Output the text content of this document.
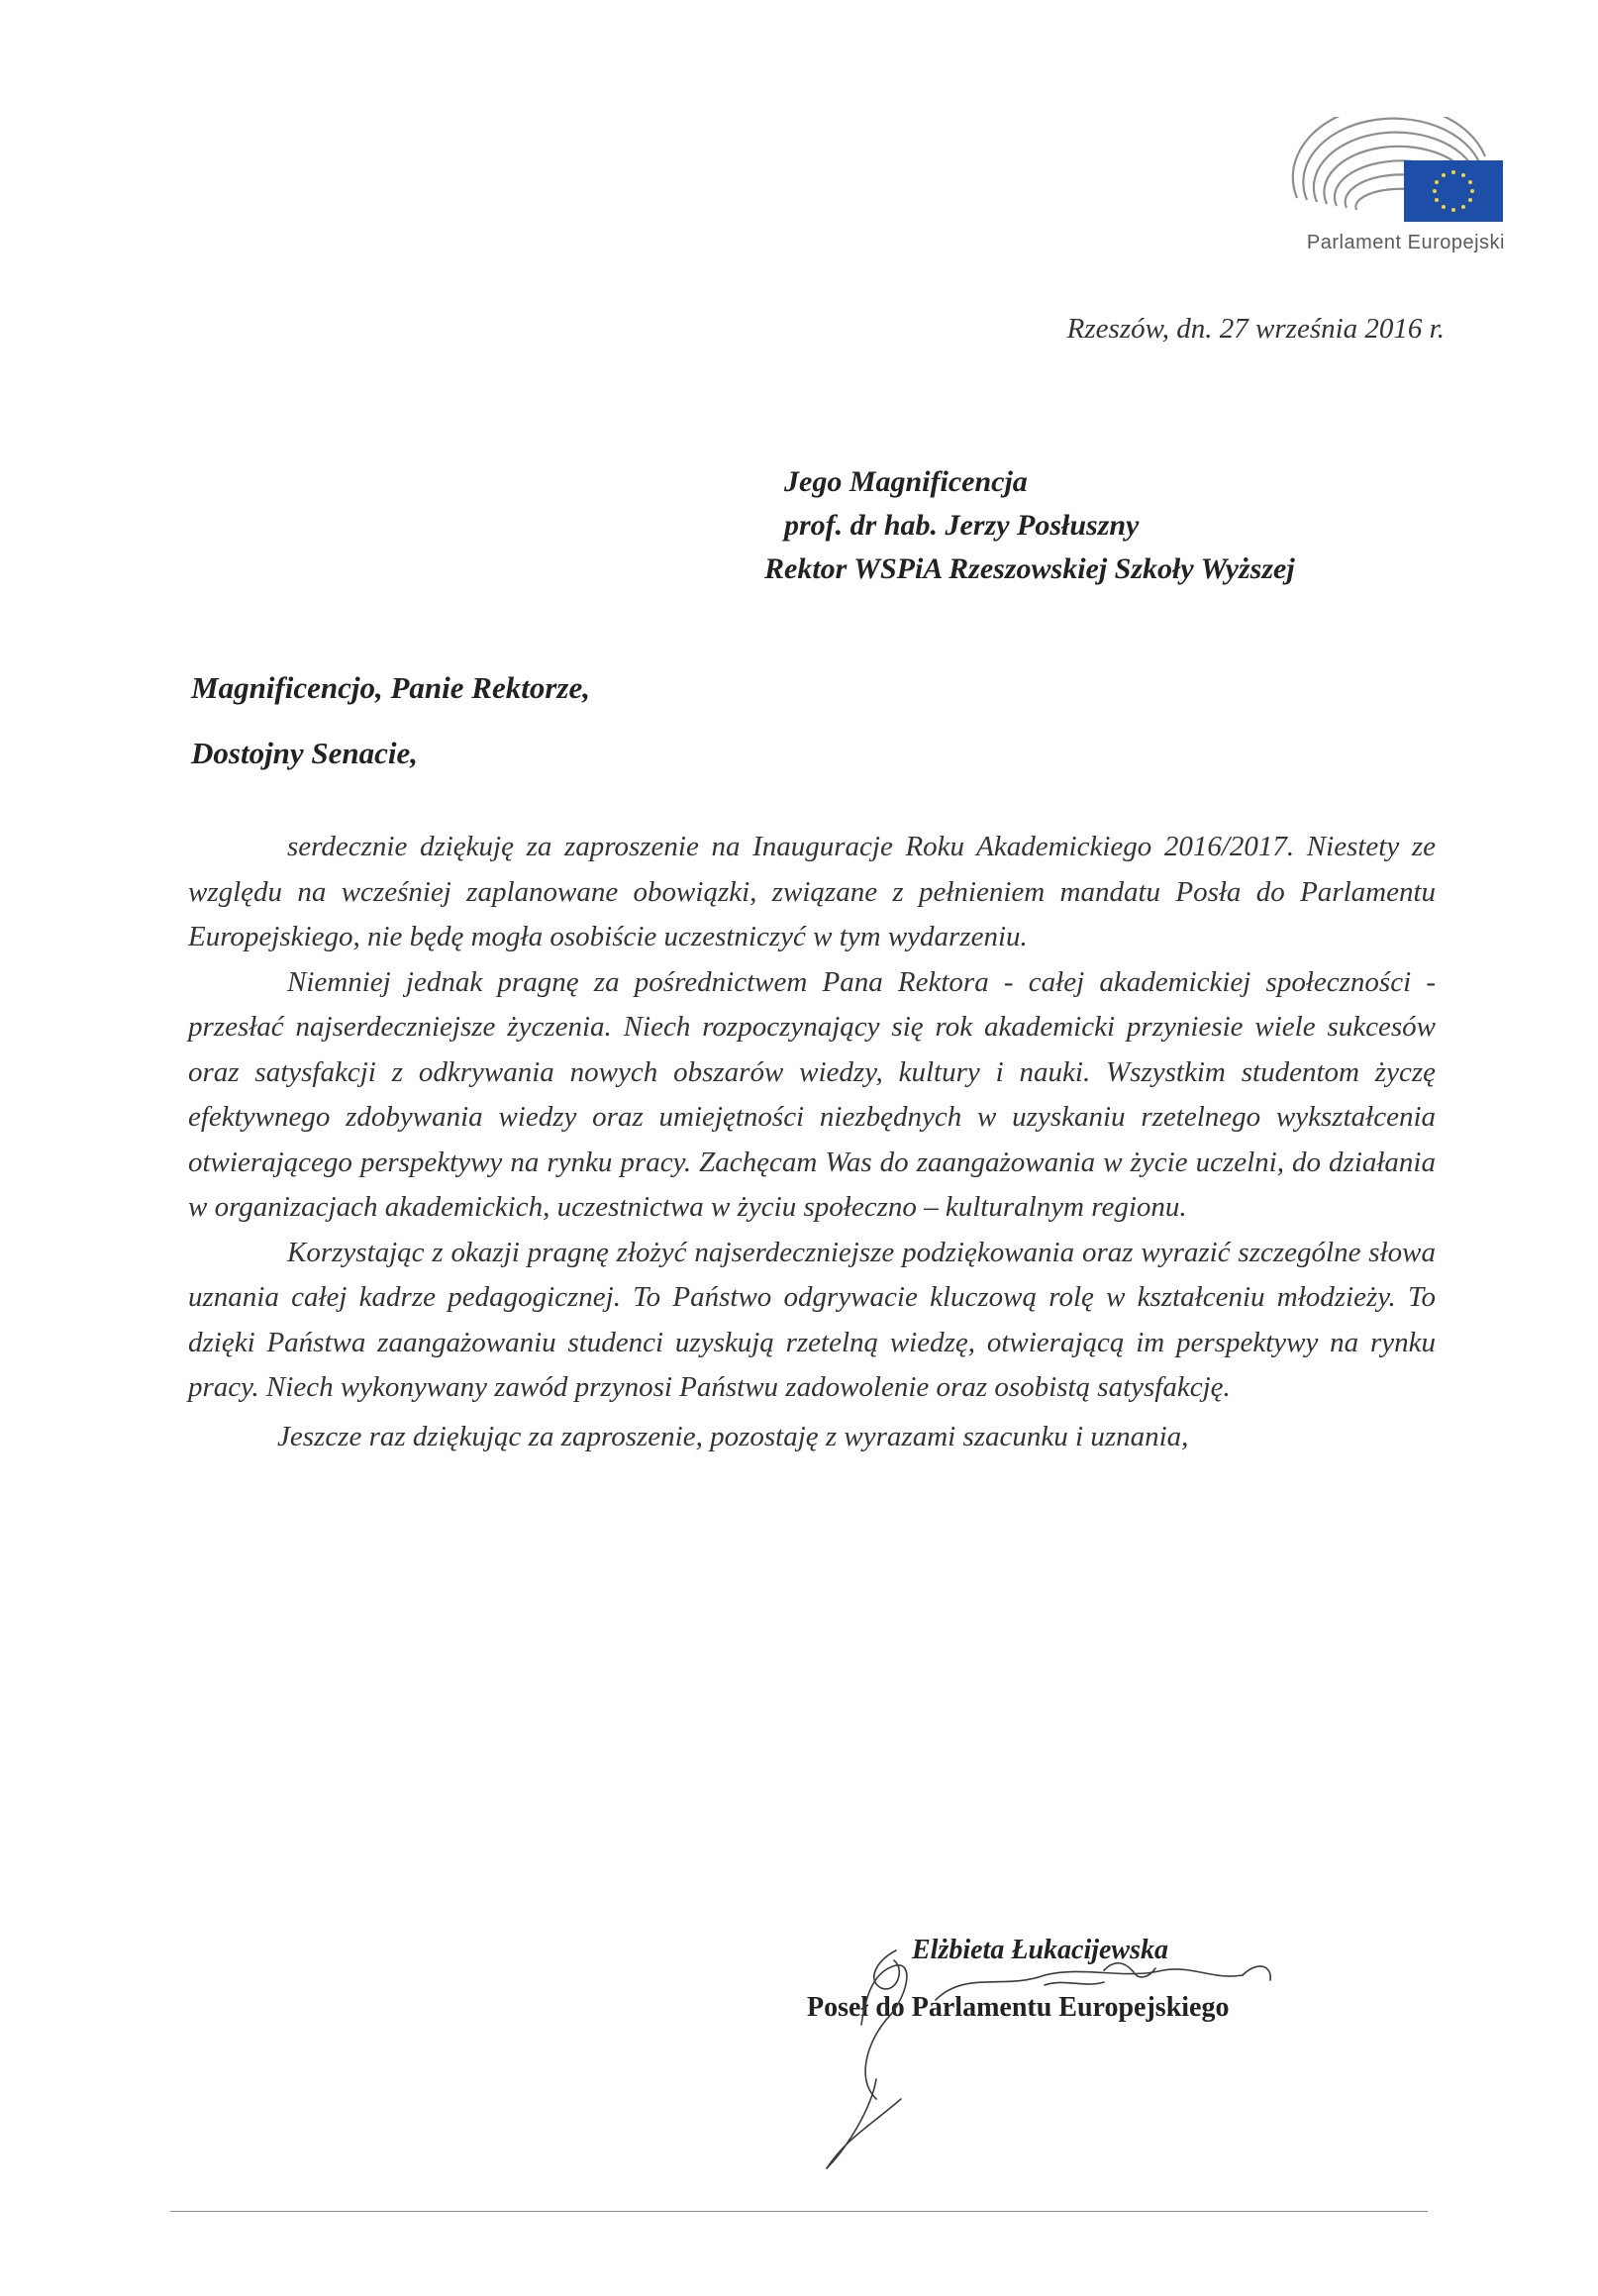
Parlament Europejski
Rzeszów, dn. 27 września 2016 r.
Jego Magnificencja
prof. dr hab. Jerzy Posłuszny
Rektor WSPiA Rzeszowskiej Szkoły Wyższej
Magnificencjo, Panie Rektorze,
Dostojny Senacie,

serdecznie dziękuję za zaproszenie na Inauguracje Roku Akademickiego 2016/2017. Niestety ze względu na wcześniej zaplanowane obowiązki, związane z pełnieniem mandatu Posła do Parlamentu Europejskiego, nie będę mogła osobiście uczestniczyć w tym wydarzeniu.

Niemniej jednak pragnę za pośrednictwem Pana Rektora - całej akademickiej społeczności - przesłać najserdeczniejsze życzenia. Niech rozpoczynający się rok akademicki przyniesie wiele sukcesów oraz satysfakcji z odkrywania nowych obszarów wiedzy, kultury i nauki. Wszystkim studentom życzę efektywnego zdobywania wiedzy oraz umiejętności niezbędnych w uzyskaniu rzetelnego wykształcenia otwierającego perspektywy na rynku pracy. Zachęcam Was do zaangażowania w życie uczelni, do działania w organizacjach akademickich, uczestnictwa w życiu społeczno – kulturalnym regionu.

Korzystając z okazji pragnę złożyć najserdeczniejsze podziękowania oraz wyrazić szczególne słowa uznania całej kadrze pedagogicznej. To Państwo odgrywacie kluczową rolę w kształceniu młodzieży. To dzięki Państwa zaangażowaniu studenci uzyskują rzetelną wiedzę, otwierającą im perspektywy na rynku pracy. Niech wykonywany zawód przynosi Państwu zadowolenie oraz osobistą satysfakcję.

Jeszcze raz dziękując za zaproszenie, pozostaję z wyrazami szacunku i uznania,

Elżbieta Łukacijewska
Poseł do Parlamentu Europejskiego
